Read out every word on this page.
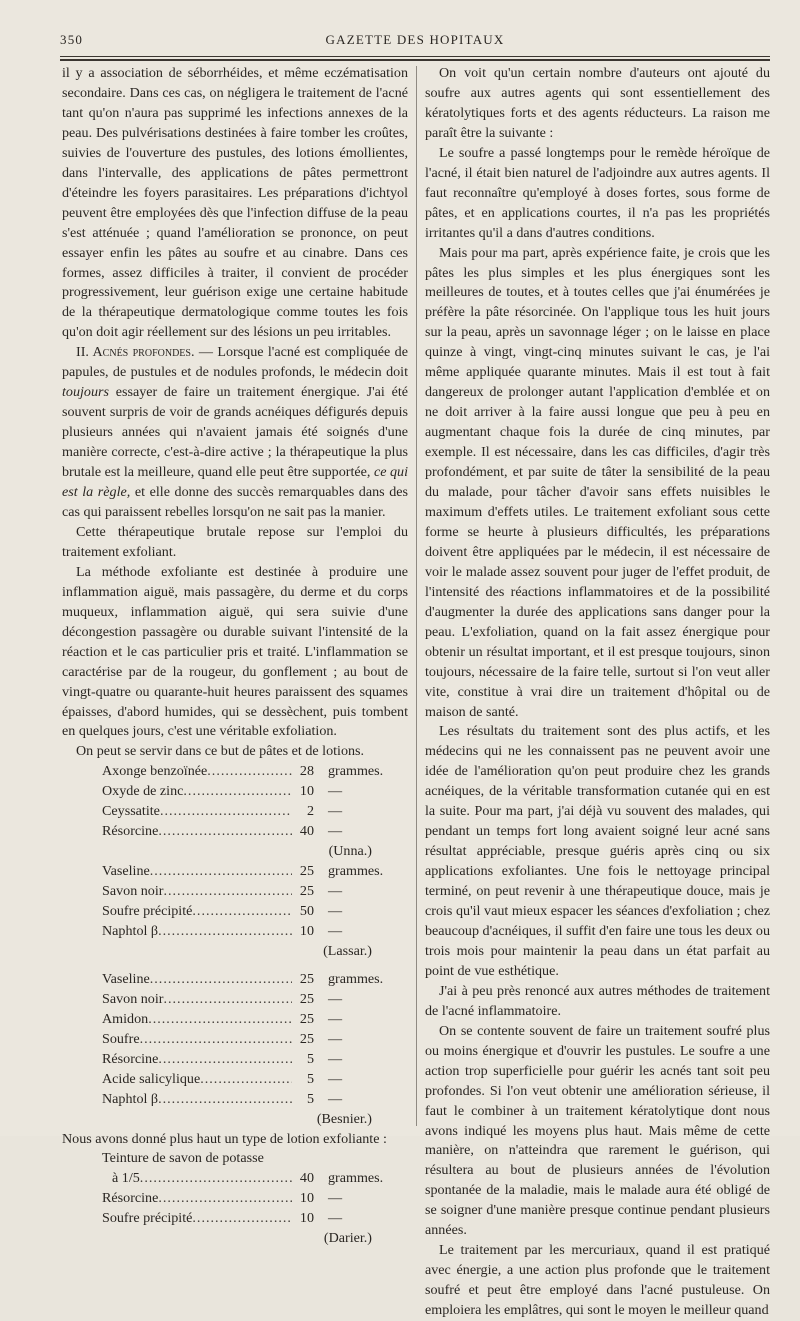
350	GAZETTE DES HOPITAUX

il y a association de séborrhéides, et même eczématisation secondaire. Dans ces cas, on négligera le traitement de l'acné tant qu'on n'aura pas supprimé les infections annexes de la peau. Des pulvérisations destinées à faire tomber les croûtes, suivies de l'ouverture des pustules, des lotions émollientes, dans l'intervalle, des applications de pâtes permettront d'éteindre les foyers parasitaires. Les préparations d'ichtyol peuvent être employées dès que l'infection diffuse de la peau s'est atténuée ; quand l'amélioration se prononce, on peut essayer enfin les pâtes au soufre et au cinabre. Dans ces formes, assez difficiles à traiter, il convient de procéder progressivement, leur guérison exige une certaine habitude de la thérapeutique dermatologique comme toutes les fois qu'on doit agir réellement sur des lésions un peu irritables.

II. Acnés profondes. — Lorsque l'acné est compliquée de papules, de pustules et de nodules profonds, le médecin doit toujours essayer de faire un traitement énergique. J'ai été souvent surpris de voir de grands acnéiques défigurés depuis plusieurs années qui n'avaient jamais été soignés d'une manière correcte, c'est-à-dire active ; la thérapeutique la plus brutale est la meilleure, quand elle peut être supportée, ce qui est la règle, et elle donne des succès remarquables dans des cas qui paraissent rebelles lorsqu'on ne sait pas la manier.

Cette thérapeutique brutale repose sur l'emploi du traitement exfoliant.

La méthode exfoliante est destinée à produire une inflammation aiguë, mais passagère, du derme et du corps muqueux, inflammation aiguë, qui sera suivie d'une décongestion passagère ou durable suivant l'intensité de la réaction et le cas particulier pris et traité. L'inflammation se caractérise par de la rougeur, du gonflement ; au bout de vingt-quatre ou quarante-huit heures paraissent des squames épaisses, d'abord humides, qui se dessèchent, puis tombent en quelques jours, c'est une véritable exfoliation.

On peut se servir dans ce but de pâtes et de lotions.

Axonge benzoïnée .....	28 grammes.
Oxyde de zinc .....	10 —
Ceyssatite .....	2 —
Résorcine .....	40 —
(Unna.)
Vaseline .....	25 grammes.
Savon noir .....	25 —
Soufre précipité .....	50 —
Naphtol β .....	10 —
(Lassar.)
Vaseline .....	25 grammes.
Savon noir .....	25 —
Amidon .....	25 —
Soufre .....	25 —
Résorcine .....	5 —
Acide salicylique .....	5 —
Naphtol β .....	5 —
(Besnier.)

Nous avons donné plus haut un type de lotion exfoliante :

Teinture de savon de potasse
à 1/5 .....	40 grammes.
Résorcine .....	10 —
Soufre précipité .....	10 —
(Darier.)

On voit qu'un certain nombre d'auteurs ont ajouté du soufre aux autres agents qui sont essentiellement des kératolytiques forts et des agents réducteurs. La raison me paraît être la suivante :

Le soufre a passé longtemps pour le remède héroïque de l'acné, il était bien naturel de l'adjoindre aux autres agents. Il faut reconnaître qu'employé à doses fortes, sous forme de pâtes, et en applications courtes, il n'a pas les propriétés irritantes qu'il a dans d'autres conditions.

Mais pour ma part, après expérience faite, je crois que les pâtes les plus simples et les plus énergiques sont les meilleures de toutes, et à toutes celles que j'ai énumérées je préfère la pâte résorcinée. On l'applique tous les huit jours sur la peau, après un savonnage léger ; on le laisse en place quinze à vingt, vingt-cinq minutes suivant le cas, je l'ai même appliquée quarante minutes. Mais il est tout à fait dangereux de prolonger autant l'application d'emblée et on ne doit arriver à la faire aussi longue que peu à peu en augmentant chaque fois la durée de cinq minutes, par exemple. Il est nécessaire, dans les cas difficiles, d'agir très profondément, et par suite de tâter la sensibilité de la peau du malade, pour tâcher d'avoir sans effets nuisibles le maximum d'effets utiles. Le traitement exfoliant sous cette forme se heurte à plusieurs difficultés, les préparations doivent être appliquées par le médecin, il est nécessaire de voir le malade assez souvent pour juger de l'effet produit, de l'intensité des réactions inflammatoires et de la possibilité d'augmenter la durée des applications sans danger pour la peau. L'exfoliation, quand on la fait assez énergique pour obtenir un résultat important, et il est presque toujours, sinon toujours, nécessaire de la faire telle, surtout si l'on veut aller vite, constitue à vrai dire un traitement d'hôpital ou de maison de santé.

Les résultats du traitement sont des plus actifs, et les médecins qui ne les connaissent pas ne peuvent avoir une idée de l'amélioration qu'on peut produire chez les grands acnéiques, de la véritable transformation cutanée qui en est la suite. Pour ma part, j'ai déjà vu souvent des malades, qui pendant un temps fort long avaient soigné leur acné sans résultat appréciable, presque guéris après cinq ou six applications exfoliantes. Une fois le nettoyage principal terminé, on peut revenir à une thérapeutique douce, mais je crois qu'il vaut mieux espacer les séances d'exfoliation ; chez beaucoup d'acnéiques, il suffit d'en faire une tous les deux ou trois mois pour maintenir la peau dans un état parfait au point de vue esthétique.

J'ai à peu près renoncé aux autres méthodes de traitement de l'acné inflammatoire.

On se contente souvent de faire un traitement soufré plus ou moins énergique et d'ouvrir les pustules. Le soufre a une action trop superficielle pour guérir les acnés tant soit peu profondes. Si l'on veut obtenir une amélioration sérieuse, il faut le combiner à un traitement kératolytique dont nous avons indiqué les moyens plus haut. Mais même de cette manière, on n'atteindra que rarement le guérison, qui résultera au bout de plusieurs années de l'évolution spontanée de la maladie, mais le malade aura été obligé de se soigner d'une manière presque continue pendant plusieurs années.

Le traitement par les mercuriaux, quand il est pratiqué avec énergie, a une action plus profonde que le traitement soufré et peut être employé dans l'acné pustuleuse. On emploiera les emplâtres, qui sont le moyen le meilleur quand
